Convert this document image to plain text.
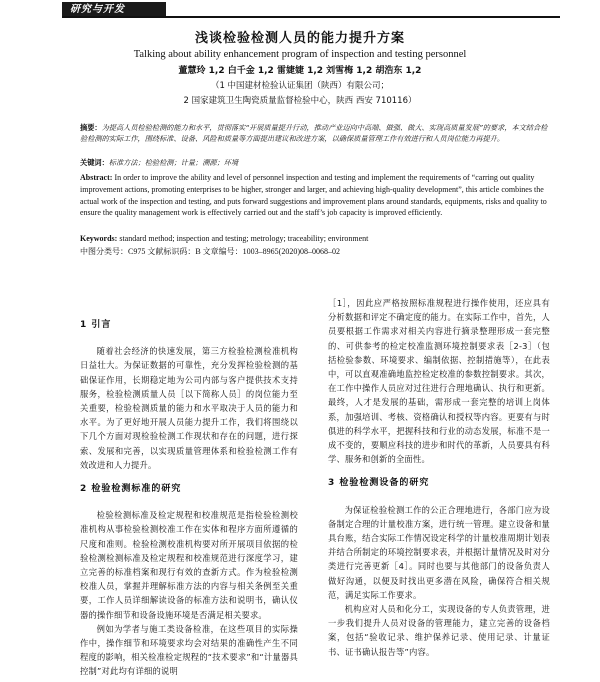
研究与开发
浅谈检验检测人员的能力提升方案
Talking about ability enhancement program of inspection and testing personnel
董慧玲 1,2 白千金 1,2 雷婕婕 1,2 刘雪梅 1,2 胡浩东 1,2
（1 中国建材检验认证集团（陕西）有限公司；
2 国家建筑卫生陶瓷质量监督检验中心，陕西 西安 710116）
摘要：为提高人员检验检测的能力和水平，贯彻落实“开展质量提升行动，推动产业迈向中高端、做强、做大、实现高质量发展”的要求，本文结合检验检测的实际工作，围绕标准、设备、风险和质量等方面提出建议和改进方案，以确保质量管理工作有效进行和人员岗位能力再提升。
关键词：标准方法；检验检测；计量；溯源；环境
Abstract: In order to improve the ability and level of personnel inspection and testing and implement the requirements of “carring out quality improvement actions, promoting enterprises to be higher, stronger and larger, and achieving high-quality development”, this article combines the actual work of the inspection and testing, and puts forward suggestions and improvement plans around standards, equipments, risks and quality to ensure the quality management work is effectively carried out and the staff’s job capacity is improved efficiently.
Keywords: standard method; inspection and testing; metrology; traceability; environment
中图分类号：C975 文献标识码：B 文章编号：1003–8965(2020)08–0068–02
1 引言

随着社会经济的快速发展，第三方检验检测检准机构日益壮大。为保证数据的可靠性，充分发挥检验检测的基础保证作用，长期稳定地为公司内部与客户提供技术支持服务，检验检测质量人员［以下简称人员］的岗位能力至关重要，检验检测质量的能力和水平取决于人员的能力和水平。为了更好地开展人员能力提升工作，我们将围绕以下几个方面对现检验检测工作现状和存在的问题，进行探索、发展和完善，以实现质量管理体系和检验检测工作有效改进和人力提升。

2 检验检测标准的研究

检验检测标准及检定规程和校准规范是指检验检测校准机构从事检验检测校准工作在实体和程序方面所遵循的尺度和准则。检验检测校准机构要对所开展项目依据的检验检测检测标准及检定规程和校准规范进行深度学习，建立完善的标准档案和现行有效的查新方式。作为检验检测校准人员，掌握并理解标准方法的内容与相关条例至关重要，工作人员详细解读设备的标准方法和说明书，确认仪器的操作细节和设备设施环境是否满足相关要求。

例如为学者与施工类设备检准，在这些项目的实际操作中，操作细节和环境要求均会对结果的准确性产生不同程度的影响，相关检准检定规程的“技术要求”和“计量器具控制”对此均有详细的说明

［1］，因此应严格按照标准规程进行操作使用，还应具有分析数据和评定不确定度的能力。在实际工作中，首先，人员要根据工作需求对相关内容进行摘录整理形成一套完整的、可供参考的检定校准监测环境控制要求表［2-3］（包括检验参数、环境要求、编制依据、控制措施等），在此表中，可以直观准确地监控检定校准的参数控制要求。其次，在工作中操作人员应对过往进行合理地确认、执行和更新。最终，人才是发展的基础，需形成一套完整的培训上岗体系，加强培训、考核、资格确认和授权等内容。更要有与时俱进的科学水平，把握科技和行业的动态发展，标准不是一成不变的，要顺应科技的进步和时代的革新，人员要具有科学、服务和创新的全面性。

3 检验检测设备的研究

为保证检验检测工作的公正合理地进行，各部门应为设备制定合理的计量校准方案，进行统一管理。建立设备和量具台账，结合实际工作情况设定科学的计量校准周期计划表并结合所制定的环境控制要求表，并根据计量情况及时对分类进行完善更新［4］。同时也要与其他部门的设备负责人做好沟通，以便及时找出更多潜在风险，确保符合相关规范，满足实际工作要求。

机构应对人员和化分工，实现设备的专人负责管理，进一步我们提升人员对设备的管理能力，建立完善的设备档案，包括“验收记录、维护保养记录、使用记录、计量证书、证书确认报告等”内容。
